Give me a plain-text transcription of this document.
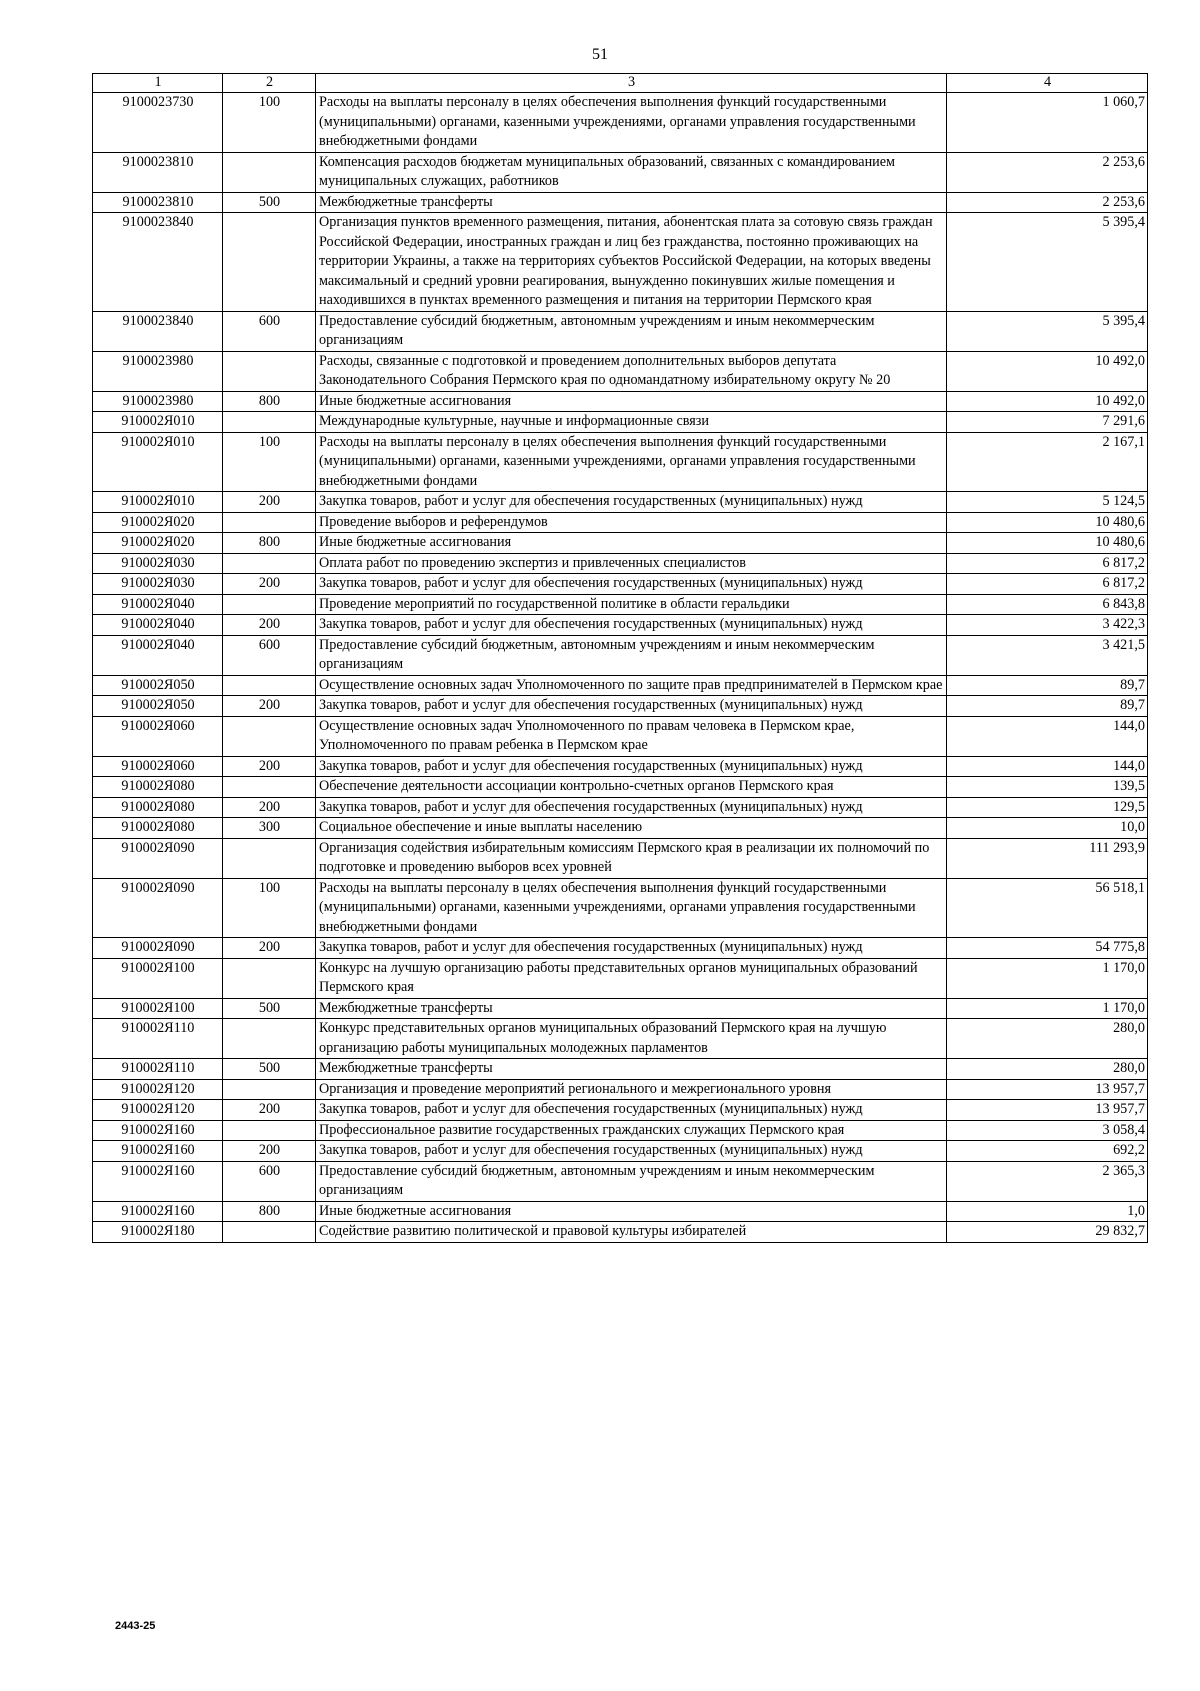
51
1	2	3	4
9100023730	100	Расходы на выплаты персоналу в целях обеспечения выполнения функций государственными (муниципальными) органами, казенными учреждениями, органами управления государственными внебюджетными фондами	1 060,7
9100023810		Компенсация расходов бюджетам муниципальных образований, связанных с командированием муниципальных служащих, работников	2 253,6
9100023810	500	Межбюджетные трансферты	2 253,6
9100023840		Организация пунктов временного размещения, питания, абонентская плата за сотовую связь граждан Российской Федерации, иностранных граждан и лиц без гражданства, постоянно проживающих на территории Украины, а также на территориях субъектов Российской Федерации, на которых введены максимальный и средний уровни реагирования, вынужденно покинувших жилые помещения и находившихся в пунктах временного размещения и питания на территории Пермского края	5 395,4
9100023840	600	Предоставление субсидий бюджетным, автономным учреждениям и иным некоммерческим организациям	5 395,4
9100023980		Расходы, связанные с подготовкой и проведением дополнительных выборов депутата Законодательного Собрания Пермского края по одномандатному избирательному округу № 20	10 492,0
9100023980	800	Иные бюджетные ассигнования	10 492,0
910002Я010		Международные культурные, научные и информационные связи	7 291,6
910002Я010	100	Расходы на выплаты персоналу в целях обеспечения выполнения функций государственными (муниципальными) органами, казенными учреждениями, органами управления государственными внебюджетными фондами	2 167,1
910002Я010	200	Закупка товаров, работ и услуг для обеспечения государственных (муниципальных) нужд	5 124,5
910002Я020		Проведение выборов и референдумов	10 480,6
910002Я020	800	Иные бюджетные ассигнования	10 480,6
910002Я030		Оплата работ по проведению экспертиз и привлеченных специалистов	6 817,2
910002Я030	200	Закупка товаров, работ и услуг для обеспечения государственных (муниципальных) нужд	6 817,2
910002Я040		Проведение мероприятий по государственной политике в области геральдики	6 843,8
910002Я040	200	Закупка товаров, работ и услуг для обеспечения государственных (муниципальных) нужд	3 422,3
910002Я040	600	Предоставление субсидий бюджетным, автономным учреждениям и иным некоммерческим организациям	3 421,5
910002Я050		Осуществление основных задач Уполномоченного по защите прав предпринимателей в Пермском крае	89,7
910002Я050	200	Закупка товаров, работ и услуг для обеспечения государственных (муниципальных) нужд	89,7
910002Я060		Осуществление основных задач Уполномоченного по правам человека в Пермском крае, Уполномоченного по правам ребенка в Пермском крае	144,0
910002Я060	200	Закупка товаров, работ и услуг для обеспечения государственных (муниципальных) нужд	144,0
910002Я080		Обеспечение деятельности ассоциации контрольно-счетных органов Пермского края	139,5
910002Я080	200	Закупка товаров, работ и услуг для обеспечения государственных (муниципальных) нужд	129,5
910002Я080	300	Социальное обеспечение и иные выплаты населению	10,0
910002Я090		Организация содействия избирательным комиссиям Пермского края в реализации их полномочий по подготовке и проведению выборов всех уровней	111 293,9
910002Я090	100	Расходы на выплаты персоналу в целях обеспечения выполнения функций государственными (муниципальными) органами, казенными учреждениями, органами управления государственными внебюджетными фондами	56 518,1
910002Я090	200	Закупка товаров, работ и услуг для обеспечения государственных (муниципальных) нужд	54 775,8
910002Я100		Конкурс на лучшую организацию работы представительных органов муниципальных образований Пермского края	1 170,0
910002Я100	500	Межбюджетные трансферты	1 170,0
910002Я110		Конкурс представительных органов муниципальных образований Пермского края на лучшую организацию работы муниципальных молодежных парламентов	280,0
910002Я110	500	Межбюджетные трансферты	280,0
910002Я120		Организация и проведение мероприятий регионального и межрегионального уровня	13 957,7
910002Я120	200	Закупка товаров, работ и услуг для обеспечения государственных (муниципальных) нужд	13 957,7
910002Я160		Профессиональное развитие государственных гражданских служащих Пермского края	3 058,4
910002Я160	200	Закупка товаров, работ и услуг для обеспечения государственных (муниципальных) нужд	692,2
910002Я160	600	Предоставление субсидий бюджетным, автономным учреждениям и иным некоммерческим организациям	2 365,3
910002Я160	800	Иные бюджетные ассигнования	1,0
910002Я180		Содействие развитию политической и правовой культуры избирателей	29 832,7
2443-25
